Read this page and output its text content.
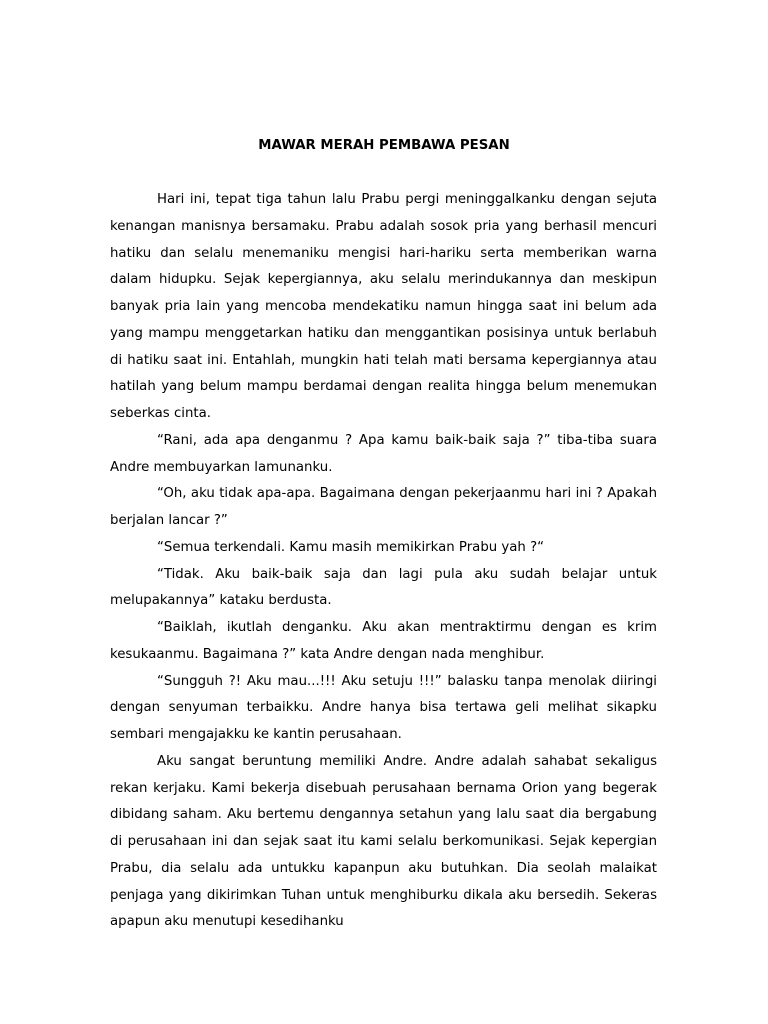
MAWAR MERAH PEMBAWA PESAN

Hari ini, tepat tiga tahun lalu Prabu pergi meninggalkanku dengan sejuta kenangan manisnya bersamaku. Prabu adalah sosok pria yang berhasil mencuri hatiku dan selalu menemaniku mengisi hari-hariku serta memberikan warna dalam hidupku. Sejak kepergiannya, aku selalu merindukannya dan meskipun banyak pria lain yang mencoba mendekatiku namun hingga saat ini belum ada yang mampu menggetarkan hatiku dan menggantikan posisinya untuk berlabuh di hatiku saat ini. Entahlah, mungkin hati telah mati bersama kepergiannya atau hatilah yang belum mampu berdamai dengan realita hingga belum menemukan seberkas cinta.

“Rani, ada apa denganmu ? Apa kamu baik-baik saja ?” tiba-tiba suara Andre membuyarkan lamunanku.

“Oh, aku tidak apa-apa. Bagaimana dengan pekerjaanmu hari ini ? Apakah berjalan lancar ?”

“Semua terkendali. Kamu masih memikirkan Prabu yah ?“

“Tidak. Aku baik-baik saja dan lagi pula aku sudah belajar untuk melupakannya” kataku berdusta.

“Baiklah, ikutlah denganku. Aku akan mentraktirmu dengan es krim kesukaanmu. Bagaimana ?” kata Andre dengan nada menghibur.

“Sungguh ?! Aku mau...!!! Aku setuju !!!” balasku tanpa menolak diiringi dengan senyuman terbaikku. Andre hanya bisa tertawa geli melihat sikapku sembari mengajakku ke kantin perusahaan.

Aku sangat beruntung memiliki Andre. Andre adalah sahabat sekaligus rekan kerjaku. Kami bekerja disebuah perusahaan bernama Orion yang begerak dibidang saham. Aku bertemu dengannya setahun yang lalu saat dia bergabung di perusahaan ini dan sejak saat itu kami selalu berkomunikasi. Sejak kepergian Prabu, dia selalu ada untukku kapanpun aku butuhkan. Dia seolah malaikat penjaga yang dikirimkan Tuhan untuk menghiburku dikala aku bersedih. Sekeras apapun aku menutupi kesedihanku
